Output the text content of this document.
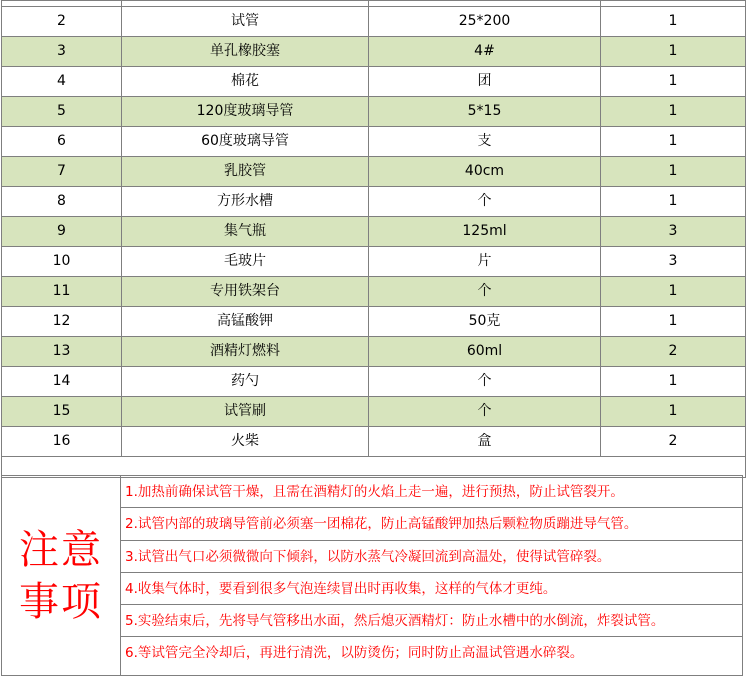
2	试管	25*200	1
3	单孔橡胶塞	4#	1
4	棉花	团	1
5	120度玻璃导管	5*15	1
6	60度玻璃导管	支	1
7	乳胶管	40cm	1
8	方形水槽	个	1
9	集气瓶	125ml	3
10	毛玻片	片	3
11	专用铁架台	个	1
12	高锰酸钾	50克	1
13	酒精灯燃料	60ml	2
14	药勺	个	1
15	试管刷	个	1
16	火柴	盒	2

注意事项
1.加热前确保试管干燥，且需在酒精灯的火焰上走一遍，进行预热，防止试管裂开。
2.试管内部的玻璃导管前必须塞一团棉花，防止高锰酸钾加热后颗粒物质蹦进导气管。
3.试管出气口必须微微向下倾斜，以防水蒸气冷凝回流到高温处，使得试管碎裂。
4.收集气体时，要看到很多气泡连续冒出时再收集，这样的气体才更纯。
5.实验结束后，先将导气管移出水面，然后熄灭酒精灯：防止水槽中的水倒流，炸裂试管。
6.等试管完全冷却后，再进行清洗，以防烫伤；同时防止高温试管遇水碎裂。
